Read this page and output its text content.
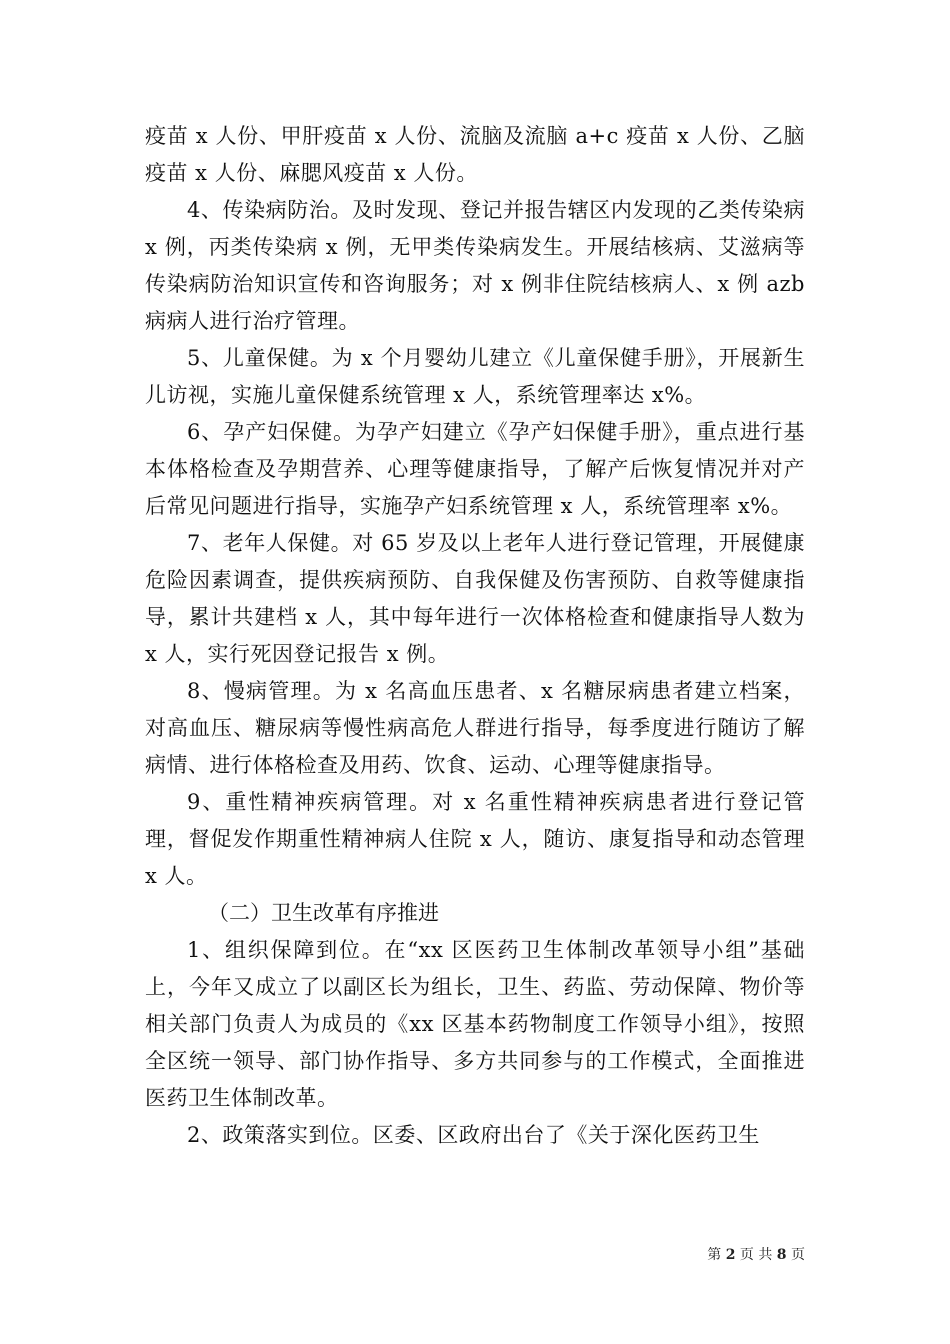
疫苗 x 人份、甲肝疫苗 x 人份、流脑及流脑 a+c 疫苗 x 人份、乙脑疫苗 x 人份、麻腮风疫苗 x 人份。

4、传染病防治。及时发现、登记并报告辖区内发现的乙类传染病 x 例，丙类传染病 x 例，无甲类传染病发生。开展结核病、艾滋病等传染病防治知识宣传和咨询服务；对 x 例非住院结核病人、x 例 azb 病病人进行治疗管理。

5、儿童保健。为 x 个月婴幼儿建立《儿童保健手册》，开展新生儿访视，实施儿童保健系统管理 x 人，系统管理率达 x%。

6、孕产妇保健。为孕产妇建立《孕产妇保健手册》，重点进行基本体格检查及孕期营养、心理等健康指导，了解产后恢复情况并对产后常见问题进行指导，实施孕产妇系统管理 x 人，系统管理率 x%。

7、老年人保健。对 65 岁及以上老年人进行登记管理，开展健康危险因素调查，提供疾病预防、自我保健及伤害预防、自救等健康指导，累计共建档 x 人，其中每年进行一次体格检查和健康指导人数为 x 人，实行死因登记报告 x 例。

8、慢病管理。为 x 名高血压患者、x 名糖尿病患者建立档案，对高血压、糖尿病等慢性病高危人群进行指导，每季度进行随访了解病情、进行体格检查及用药、饮食、运动、心理等健康指导。

9、重性精神疾病管理。对 x 名重性精神疾病患者进行登记管理，督促发作期重性精神病人住院 x 人，随访、康复指导和动态管理 x 人。

（二）卫生改革有序推进

1、组织保障到位。在“xx 区医药卫生体制改革领导小组”基础上，今年又成立了以副区长为组长，卫生、药监、劳动保障、物价等相关部门负责人为成员的《xx 区基本药物制度工作领导小组》，按照全区统一领导、部门协作指导、多方共同参与的工作模式，全面推进医药卫生体制改革。

2、政策落实到位。区委、区政府出台了《关于深化医药卫生

第 2 页 共 8 页
